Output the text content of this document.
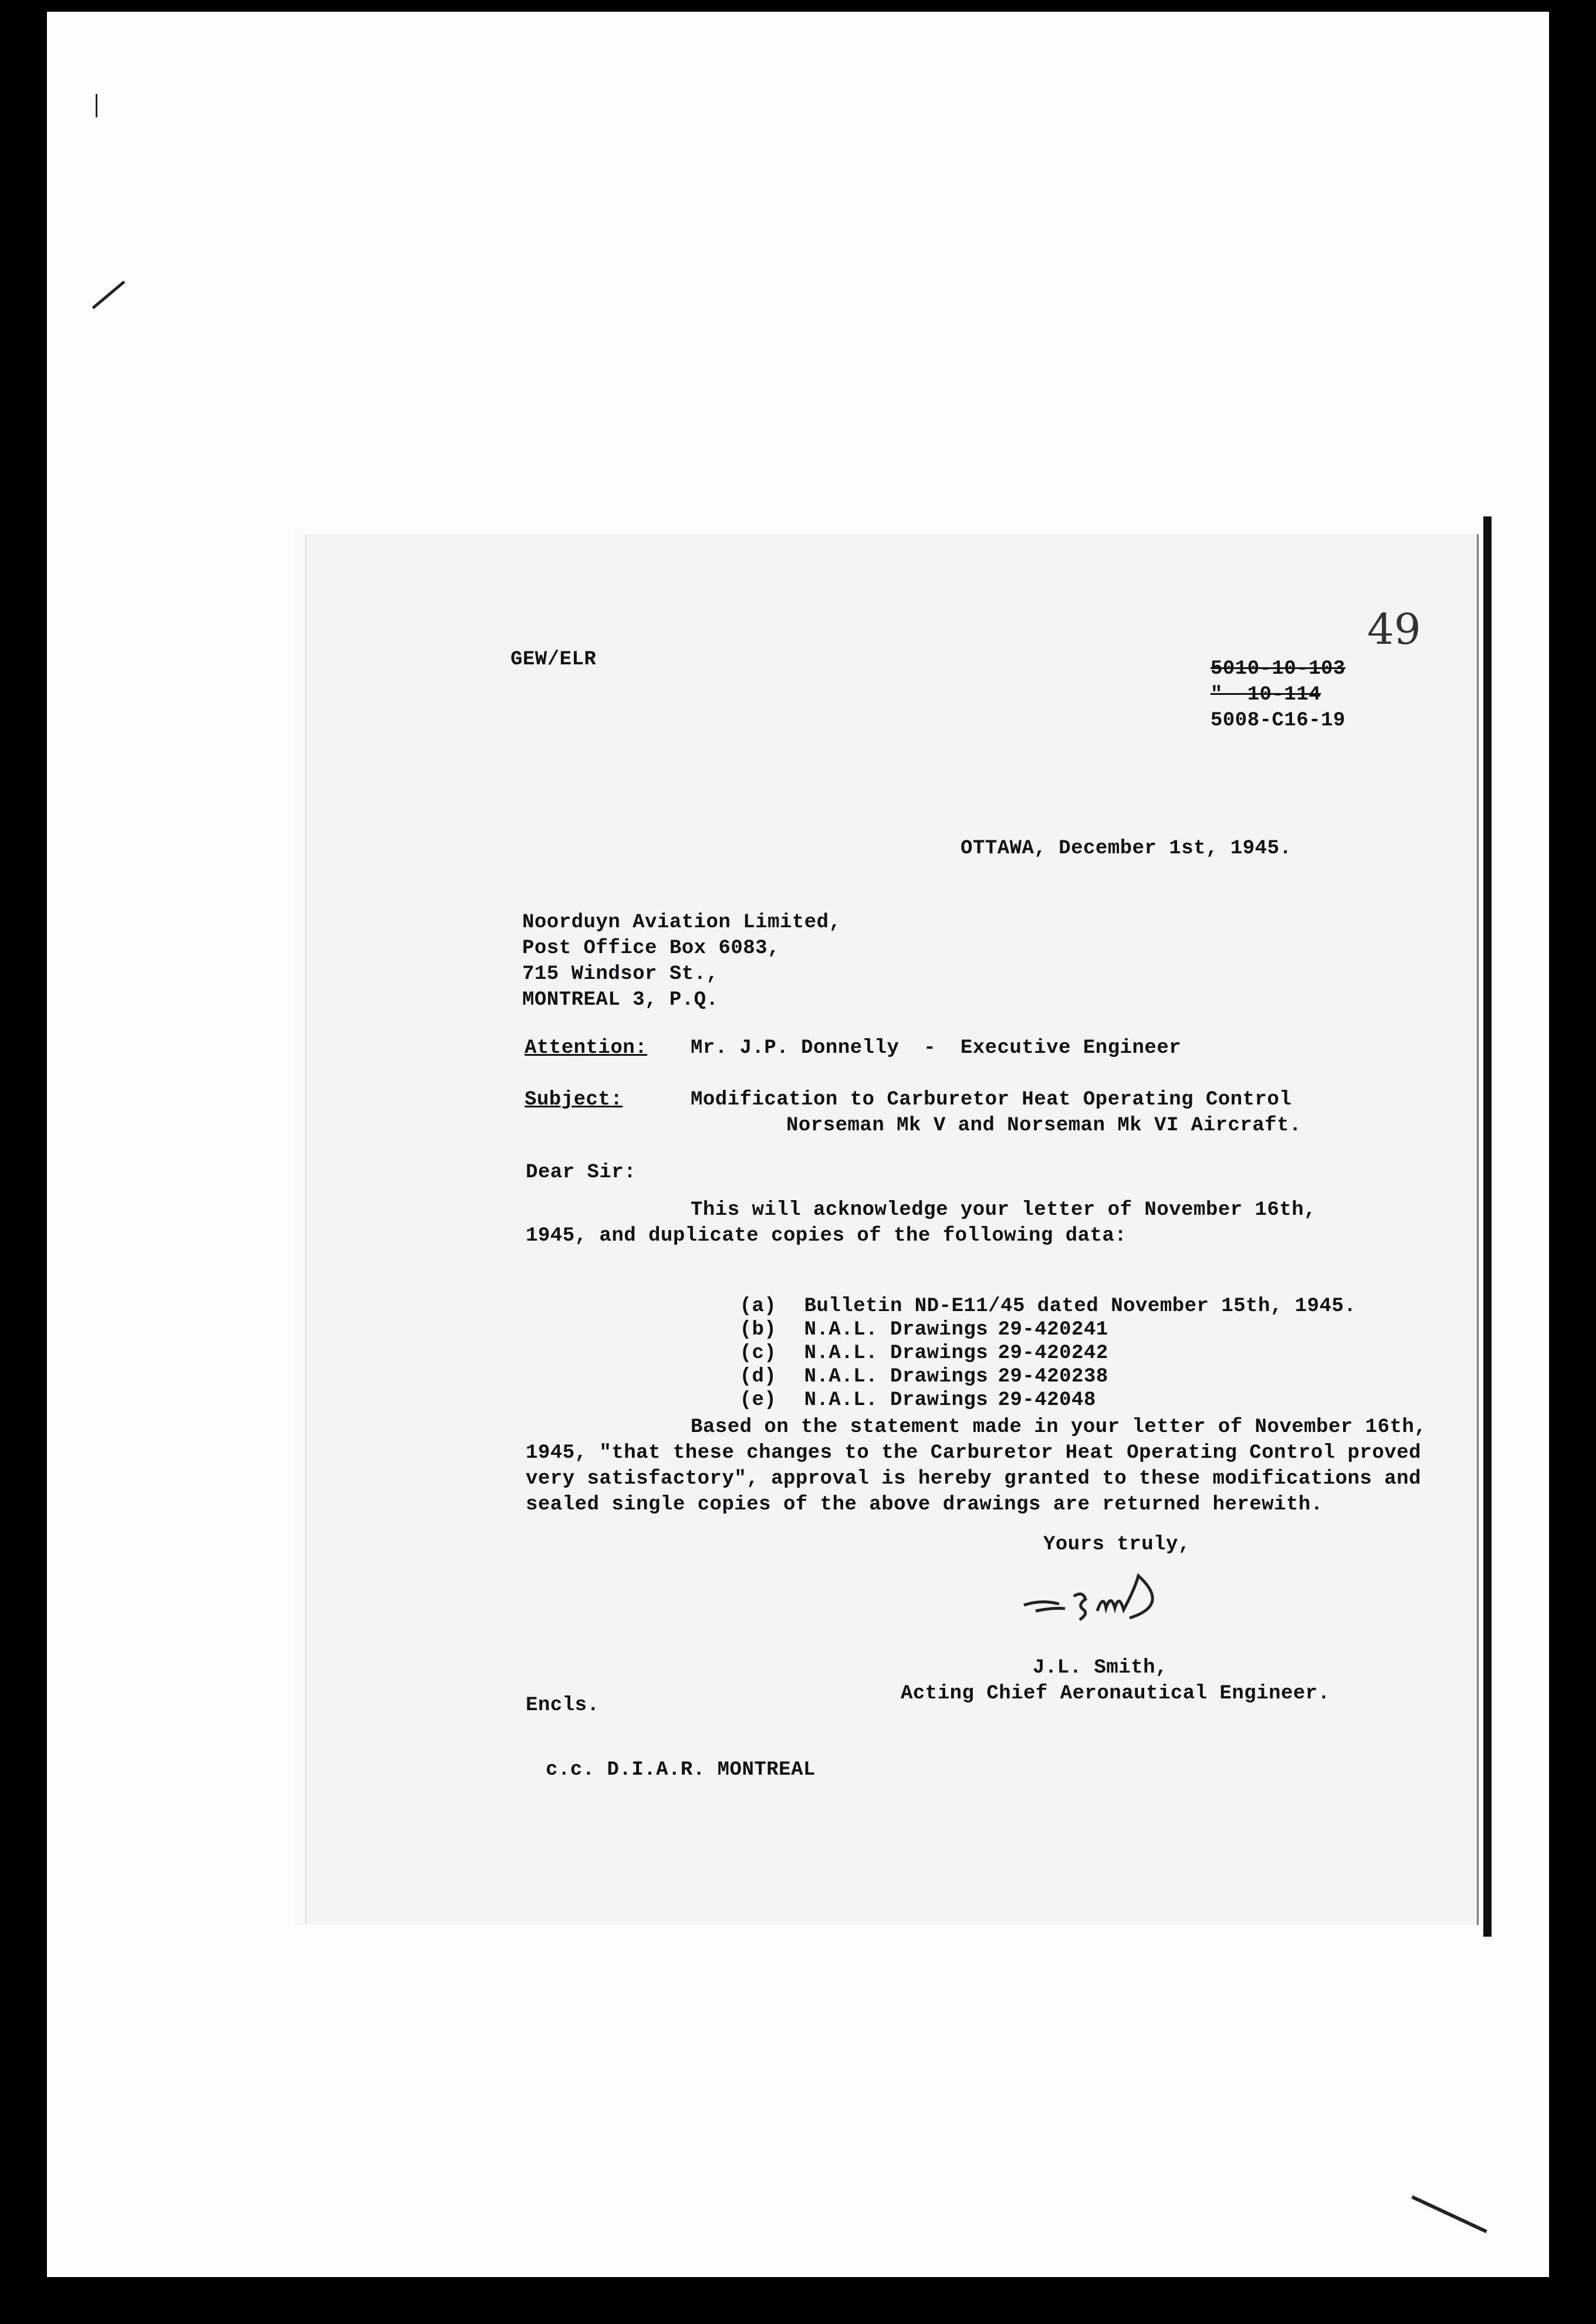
49
GEW/ELR	5010-10-103
"  10-114
5008-C16-19
OTTAWA, December 1st, 1945.
Noorduyn Aviation Limited,
Post Office Box 6083,
715 Windsor St.,
MONTREAL 3, P.Q.
Attention: Mr. J.P. Donnelly  -  Executive Engineer
Subject:	Modification to Carburetor Heat Operating Control
Norseman Mk V and Norseman Mk VI Aircraft.
Dear Sir:
This will acknowledge your letter of November 16th,
1945, and duplicate copies of the following data:

(a) Bulletin ND-E11/45 dated November 15th, 1945.

(b) N.A.L. Drawings 29-420241

(c) N.A.L. Drawings 29-420242

(d) N.A.L. Drawings 29-420238

(e) N.A.L. Drawings 29-42048

Based on the statement made in your letter of November 16th,
1945, "that these changes to the Carburetor Heat Operating Control proved
very satisfactory", approval is hereby granted to these modifications and
sealed single copies of the above drawings are returned herewith.
Yours truly,
J.L. Smith,
Acting Chief Aeronautical Engineer.
Encls.
c.c. D.I.A.R. MONTREAL
